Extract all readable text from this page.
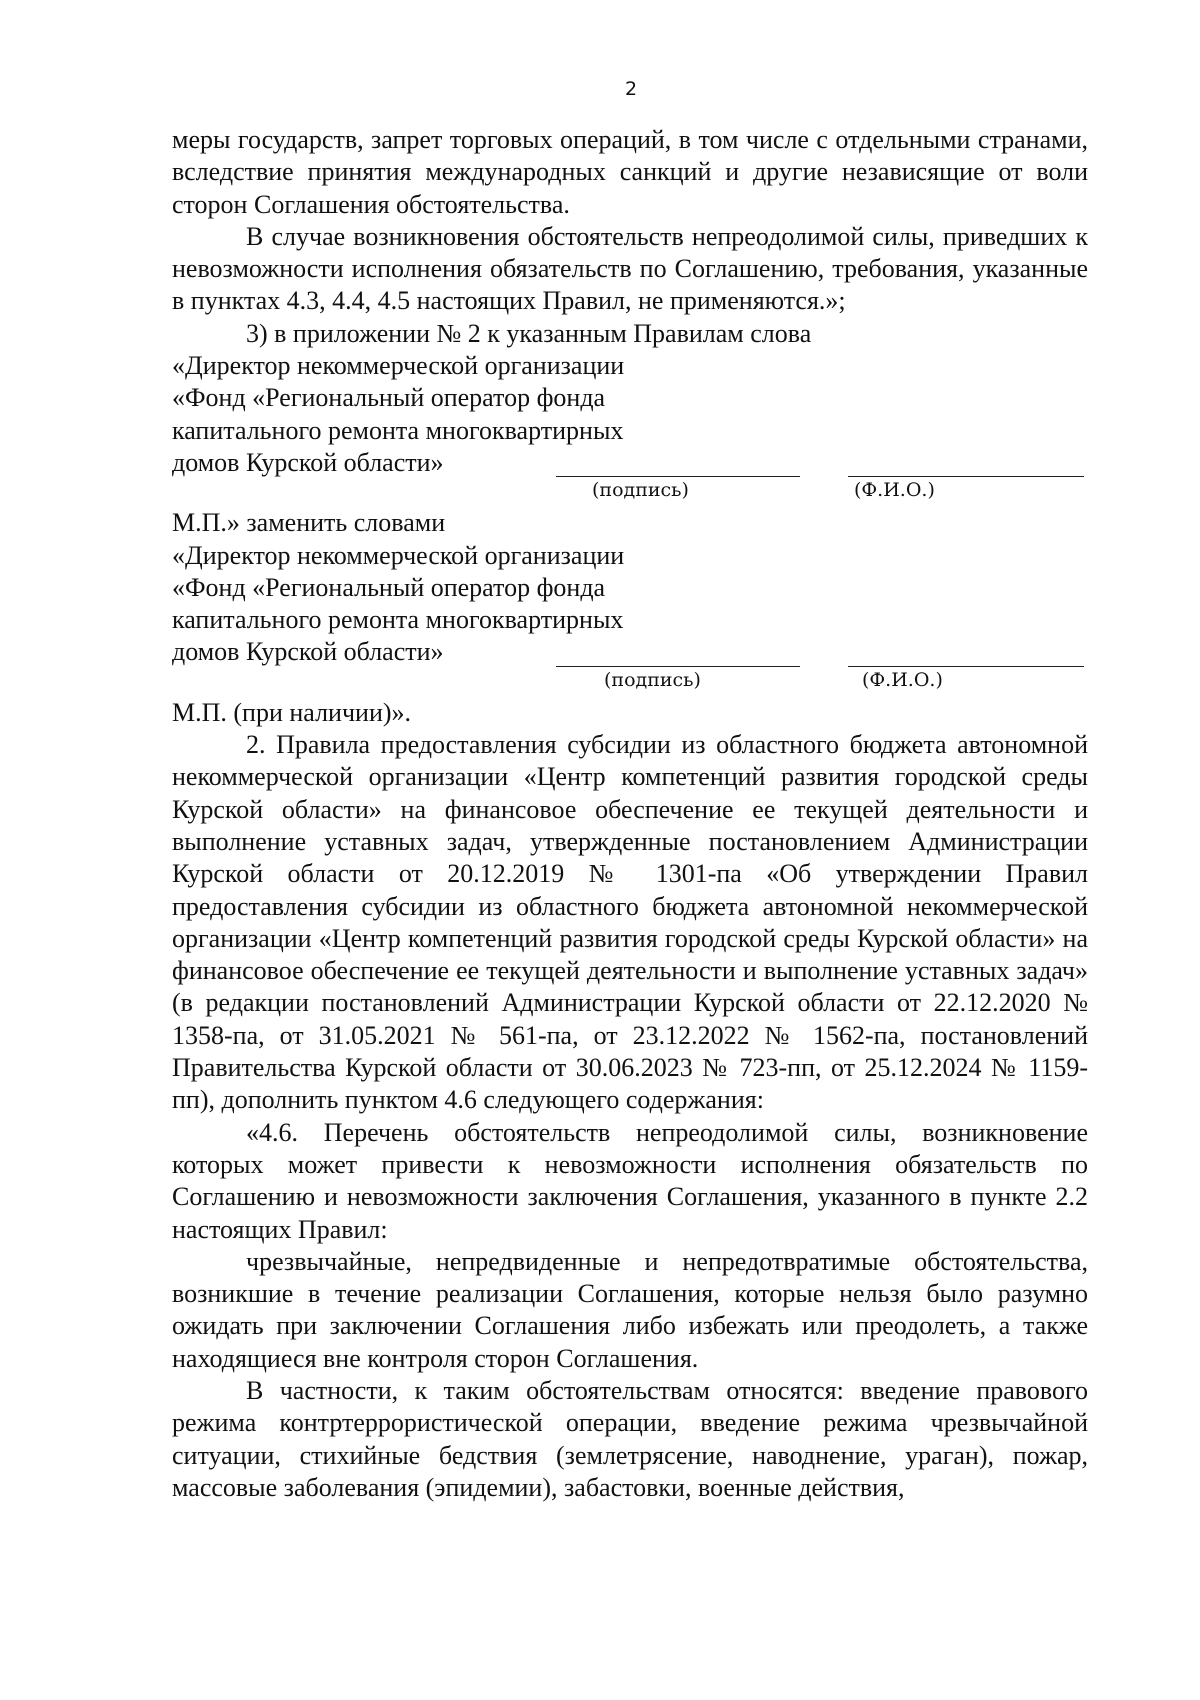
2

меры государств, запрет торговых операций, в том числе с отдельными странами, вследствие принятия международных санкций и другие независящие от воли сторон Соглашения обстоятельства.

В случае возникновения обстоятельств непреодолимой силы, приведших к невозможности исполнения обязательств по Соглашению, требования, указанные в пунктах 4.3, 4.4, 4.5 настоящих Правил, не применяются.»;

3) в приложении № 2 к указанным Правилам слова

«Директор некоммерческой организации
«Фонд «Региональный оператор фонда
капитального ремонта многоквартирных
домов Курской области»
(подпись)	(Ф.И.О.)
М.П.» заменить словами
«Директор некоммерческой организации
«Фонд «Региональный оператор фонда
капитального ремонта многоквартирных
домов Курской области»
(подпись)	(Ф.И.О.)
М.П. (при наличии)».

2. Правила предоставления субсидии из областного бюджета автономной некоммерческой организации «Центр компетенций развития городской среды Курской области» на финансовое обеспечение ее текущей деятельности и выполнение уставных задач, утвержденные постановлением Администрации Курской области от 20.12.2019 № 1301-па «Об утверждении Правил предоставления субсидии из областного бюджета автономной некоммерческой организации «Центр компетенций развития городской среды Курской области» на финансовое обеспечение ее текущей деятельности и выполнение уставных задач» (в редакции постановлений Администрации Курской области от 22.12.2020 № 1358-па, от 31.05.2021 № 561-па, от 23.12.2022 № 1562-па, постановлений Правительства Курской области от 30.06.2023 № 723-пп, от 25.12.2024 № 1159-пп), дополнить пунктом 4.6 следующего содержания:

«4.6. Перечень обстоятельств непреодолимой силы, возникновение которых может привести к невозможности исполнения обязательств по Соглашению и невозможности заключения Соглашения, указанного в пункте 2.2 настоящих Правил:

чрезвычайные, непредвиденные и непредотвратимые обстоятельства, возникшие в течение реализации Соглашения, которые нельзя было разумно ожидать при заключении Соглашения либо избежать или преодолеть, а также находящиеся вне контроля сторон Соглашения.

В частности, к таким обстоятельствам относятся: введение правового режима контртеррористической операции, введение режима чрезвычайной ситуации, стихийные бедствия (землетрясение, наводнение, ураган), пожар, массовые заболевания (эпидемии), забастовки, военные действия,
